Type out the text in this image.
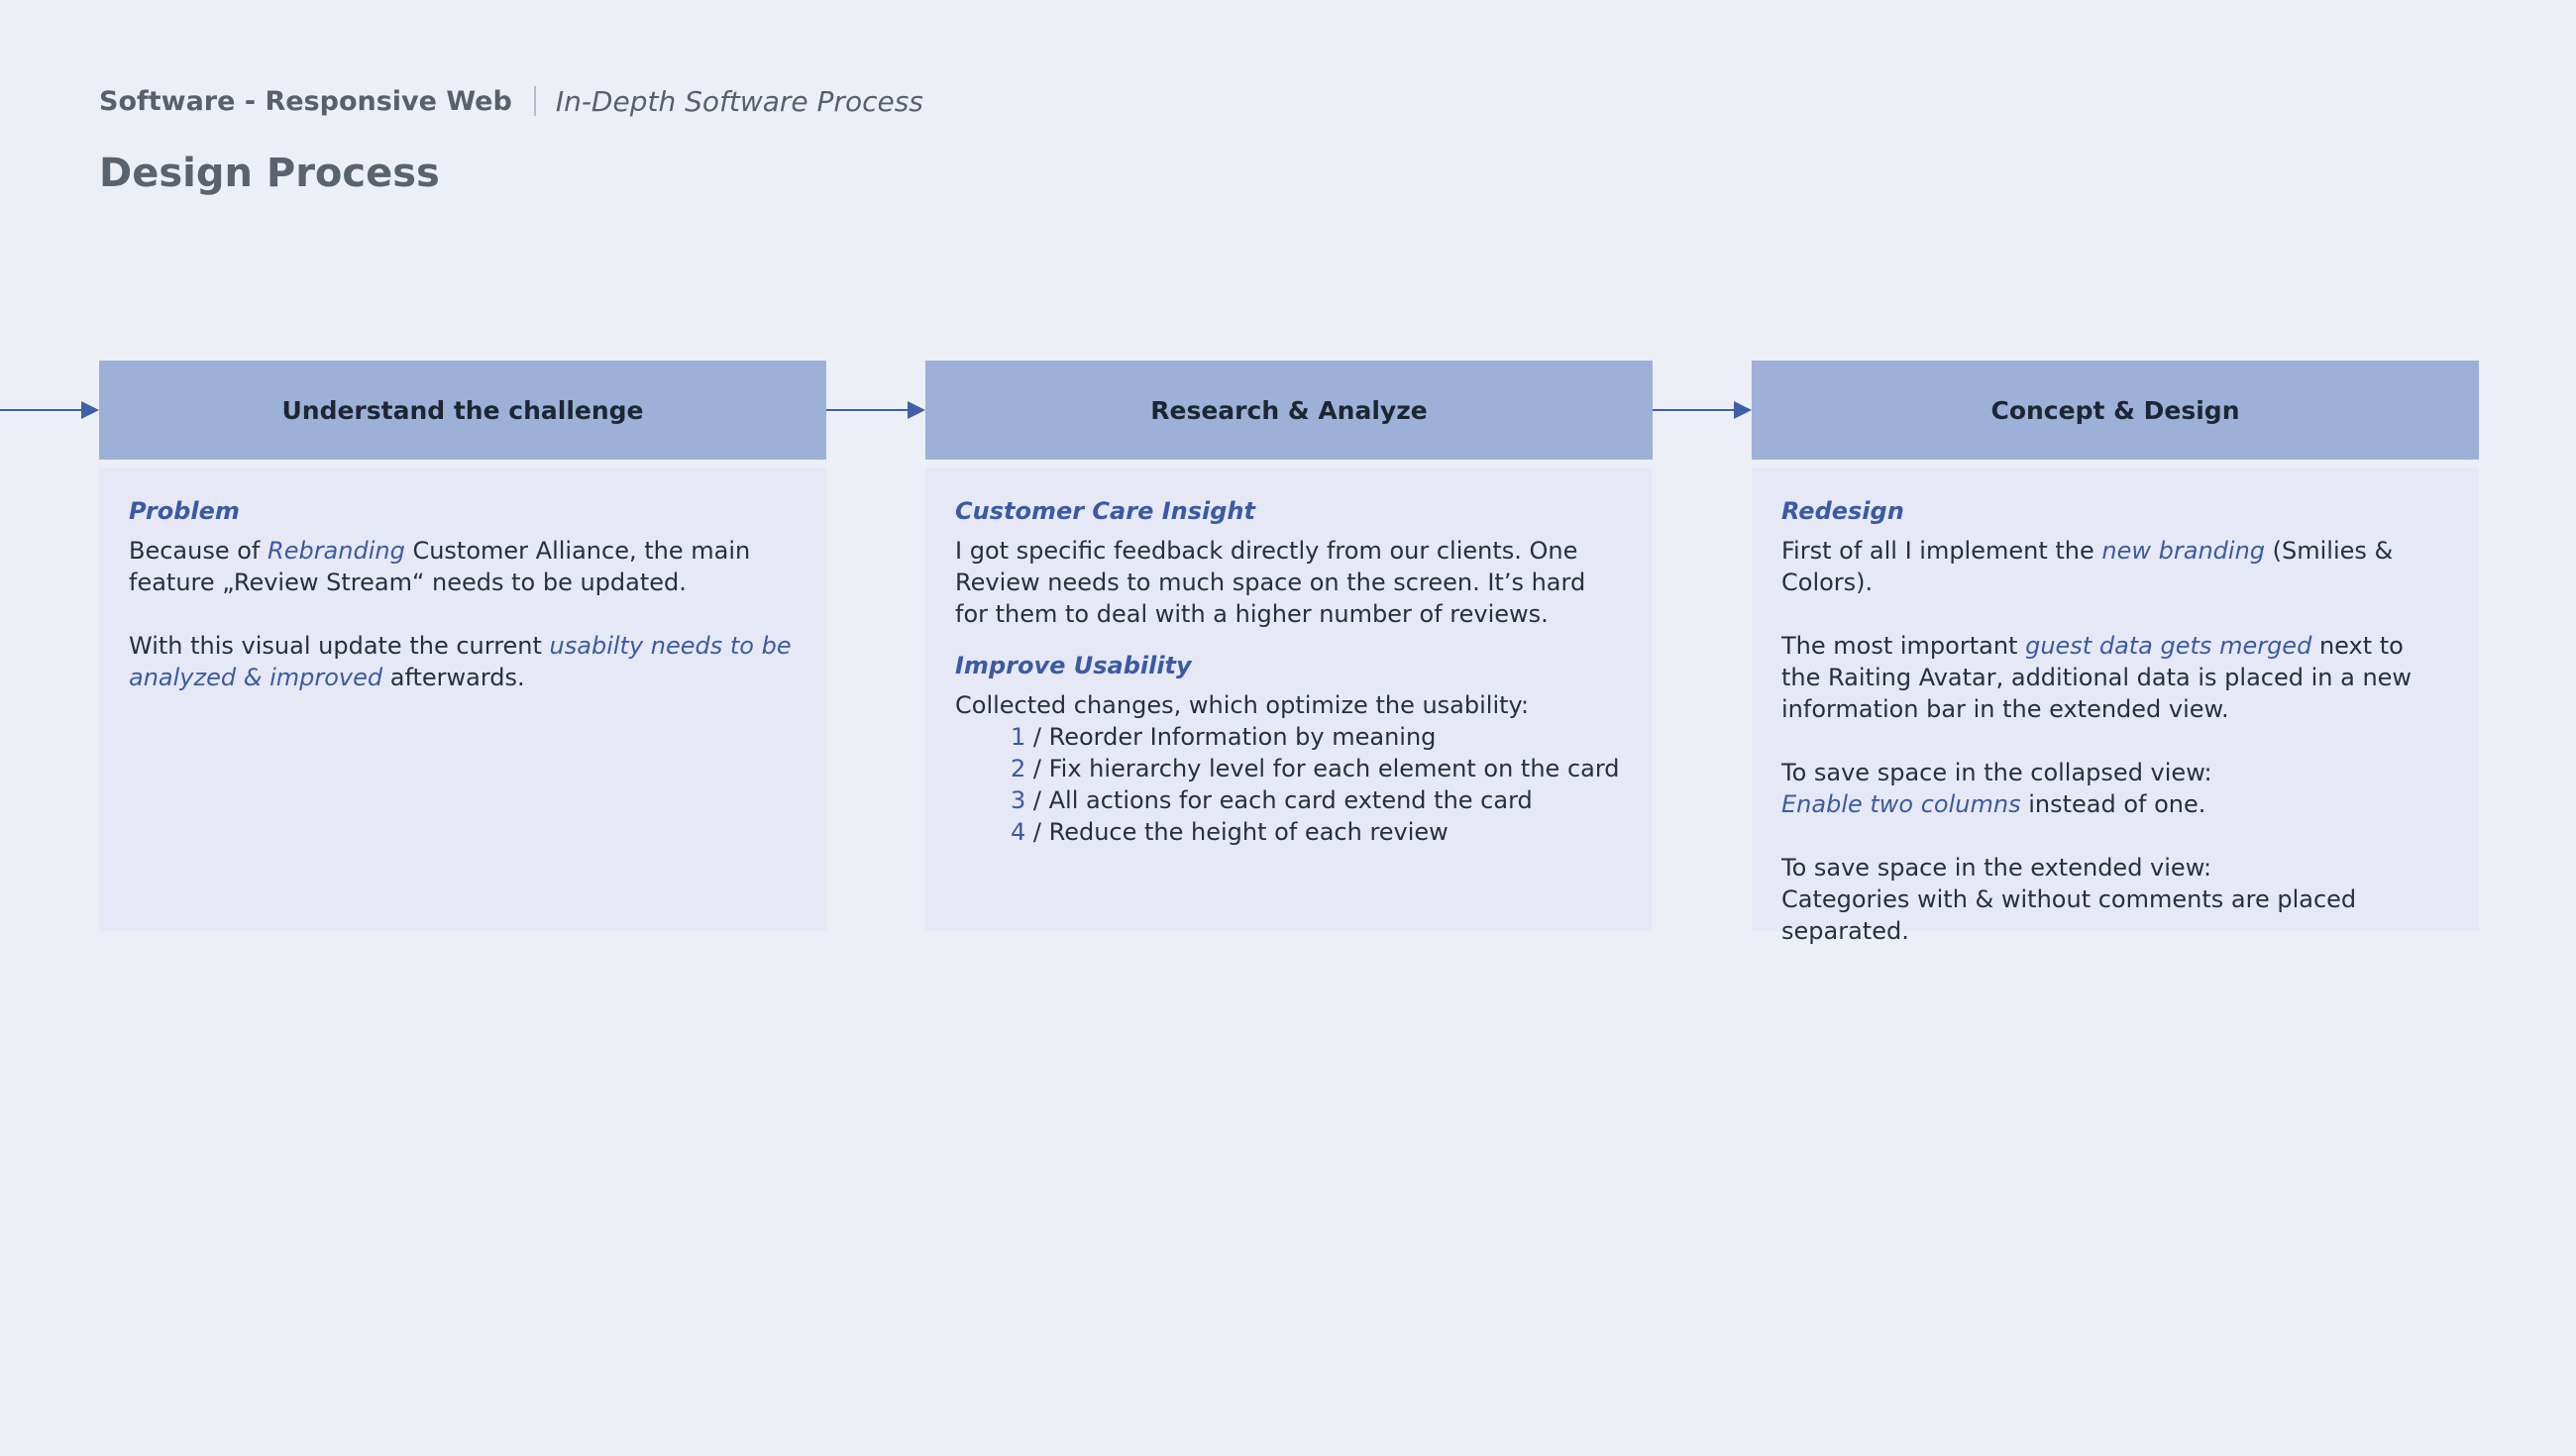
Software - Responsive Web In-Depth Software Process
Design Process
Understand the challenge
Problem

Because of Rebranding Customer Alliance, the main feature „Review Stream“ needs to be updated.

With this visual update the current usabilty needs to be analyzed & improved afterwards.

Research & Analyze
Customer Care Insight

I got specific feedback directly from our clients. One Review needs to much space on the screen. It’s hard for them to deal with a higher number of reviews.

Improve Usability

Collected changes, which optimize the usability:

1 / Reorder Information by meaning
2 / Fix hierarchy level for each element on the card
3 / All actions for each card extend the card
4 / Reduce the height of each review
Concept & Design
Redesign

First of all I implement the new branding (Smilies & Colors).

The most important guest data gets merged next to the Raiting Avatar, additional data is placed in a new information bar in the extended view.

To save space in the collapsed view:
Enable two columns instead of one.

To save space in the extended view:
Categories with & without comments are placed separated.
